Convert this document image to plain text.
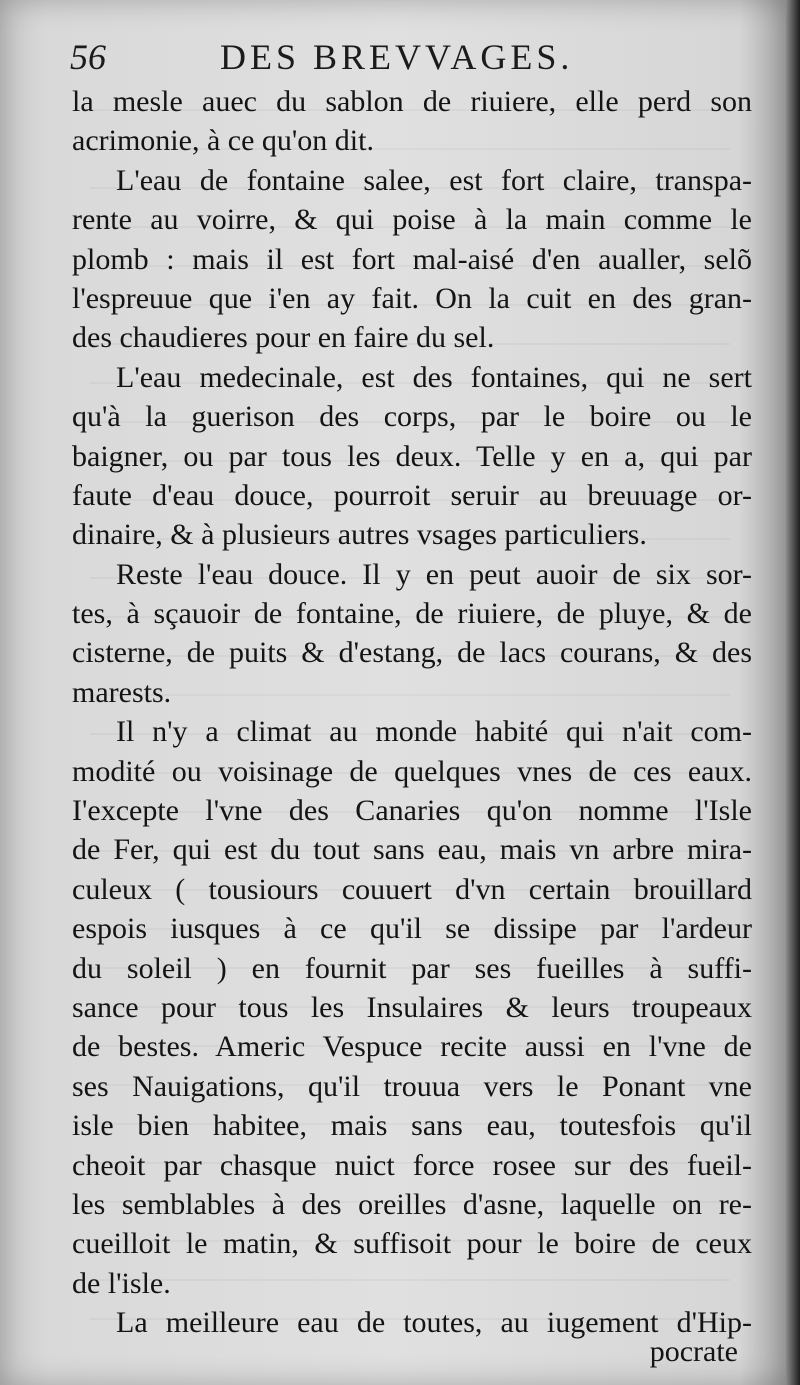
56	DES BREVVAGES.
la mesle auec du sablon de riuiere, elle perd son
acrimonie, à ce qu'on dit.
L'eau de fontaine salee, est fort claire, transpa-
rente au voirre, & qui poise à la main comme le
plomb : mais il est fort mal-aisé d'en aualler, selõ
l'espreuue que i'en ay fait. On la cuit en des gran-
des chaudieres pour en faire du sel.
L'eau medecinale, est des fontaines, qui ne sert
qu'à la guerison des corps, par le boire ou le
baigner, ou par tous les deux. Telle y en a, qui par
faute d'eau douce, pourroit seruir au breuuage or-
dinaire, & à plusieurs autres vsages particuliers.
Reste l'eau douce. Il y en peut auoir de six sor-
tes, à sçauoir de fontaine, de riuiere, de pluye, & de
cisterne, de puits & d'estang, de lacs courans, & des
marests.
Il n'y a climat au monde habité qui n'ait com-
modité ou voisinage de quelques vnes de ces eaux.
I'excepte l'vne des Canaries qu'on nomme l'Isle
de Fer, qui est du tout sans eau, mais vn arbre mira-
culeux ( tousiours couuert d'vn certain brouillard
espois iusques à ce qu'il se dissipe par l'ardeur
du soleil ) en fournit par ses fueilles à suffi-
sance pour tous les Insulaires & leurs troupeaux
de bestes. Americ Vespuce recite aussi en l'vne de
ses Nauigations, qu'il trouua vers le Ponant vne
isle bien habitee, mais sans eau, toutesfois qu'il
cheoit par chasque nuict force rosee sur des fueil-
les semblables à des oreilles d'asne, laquelle on re-
cueilloit le matin, & suffisoit pour le boire de ceux
de l'isle.
La meilleure eau de toutes, au iugement d'Hip-
pocrate
